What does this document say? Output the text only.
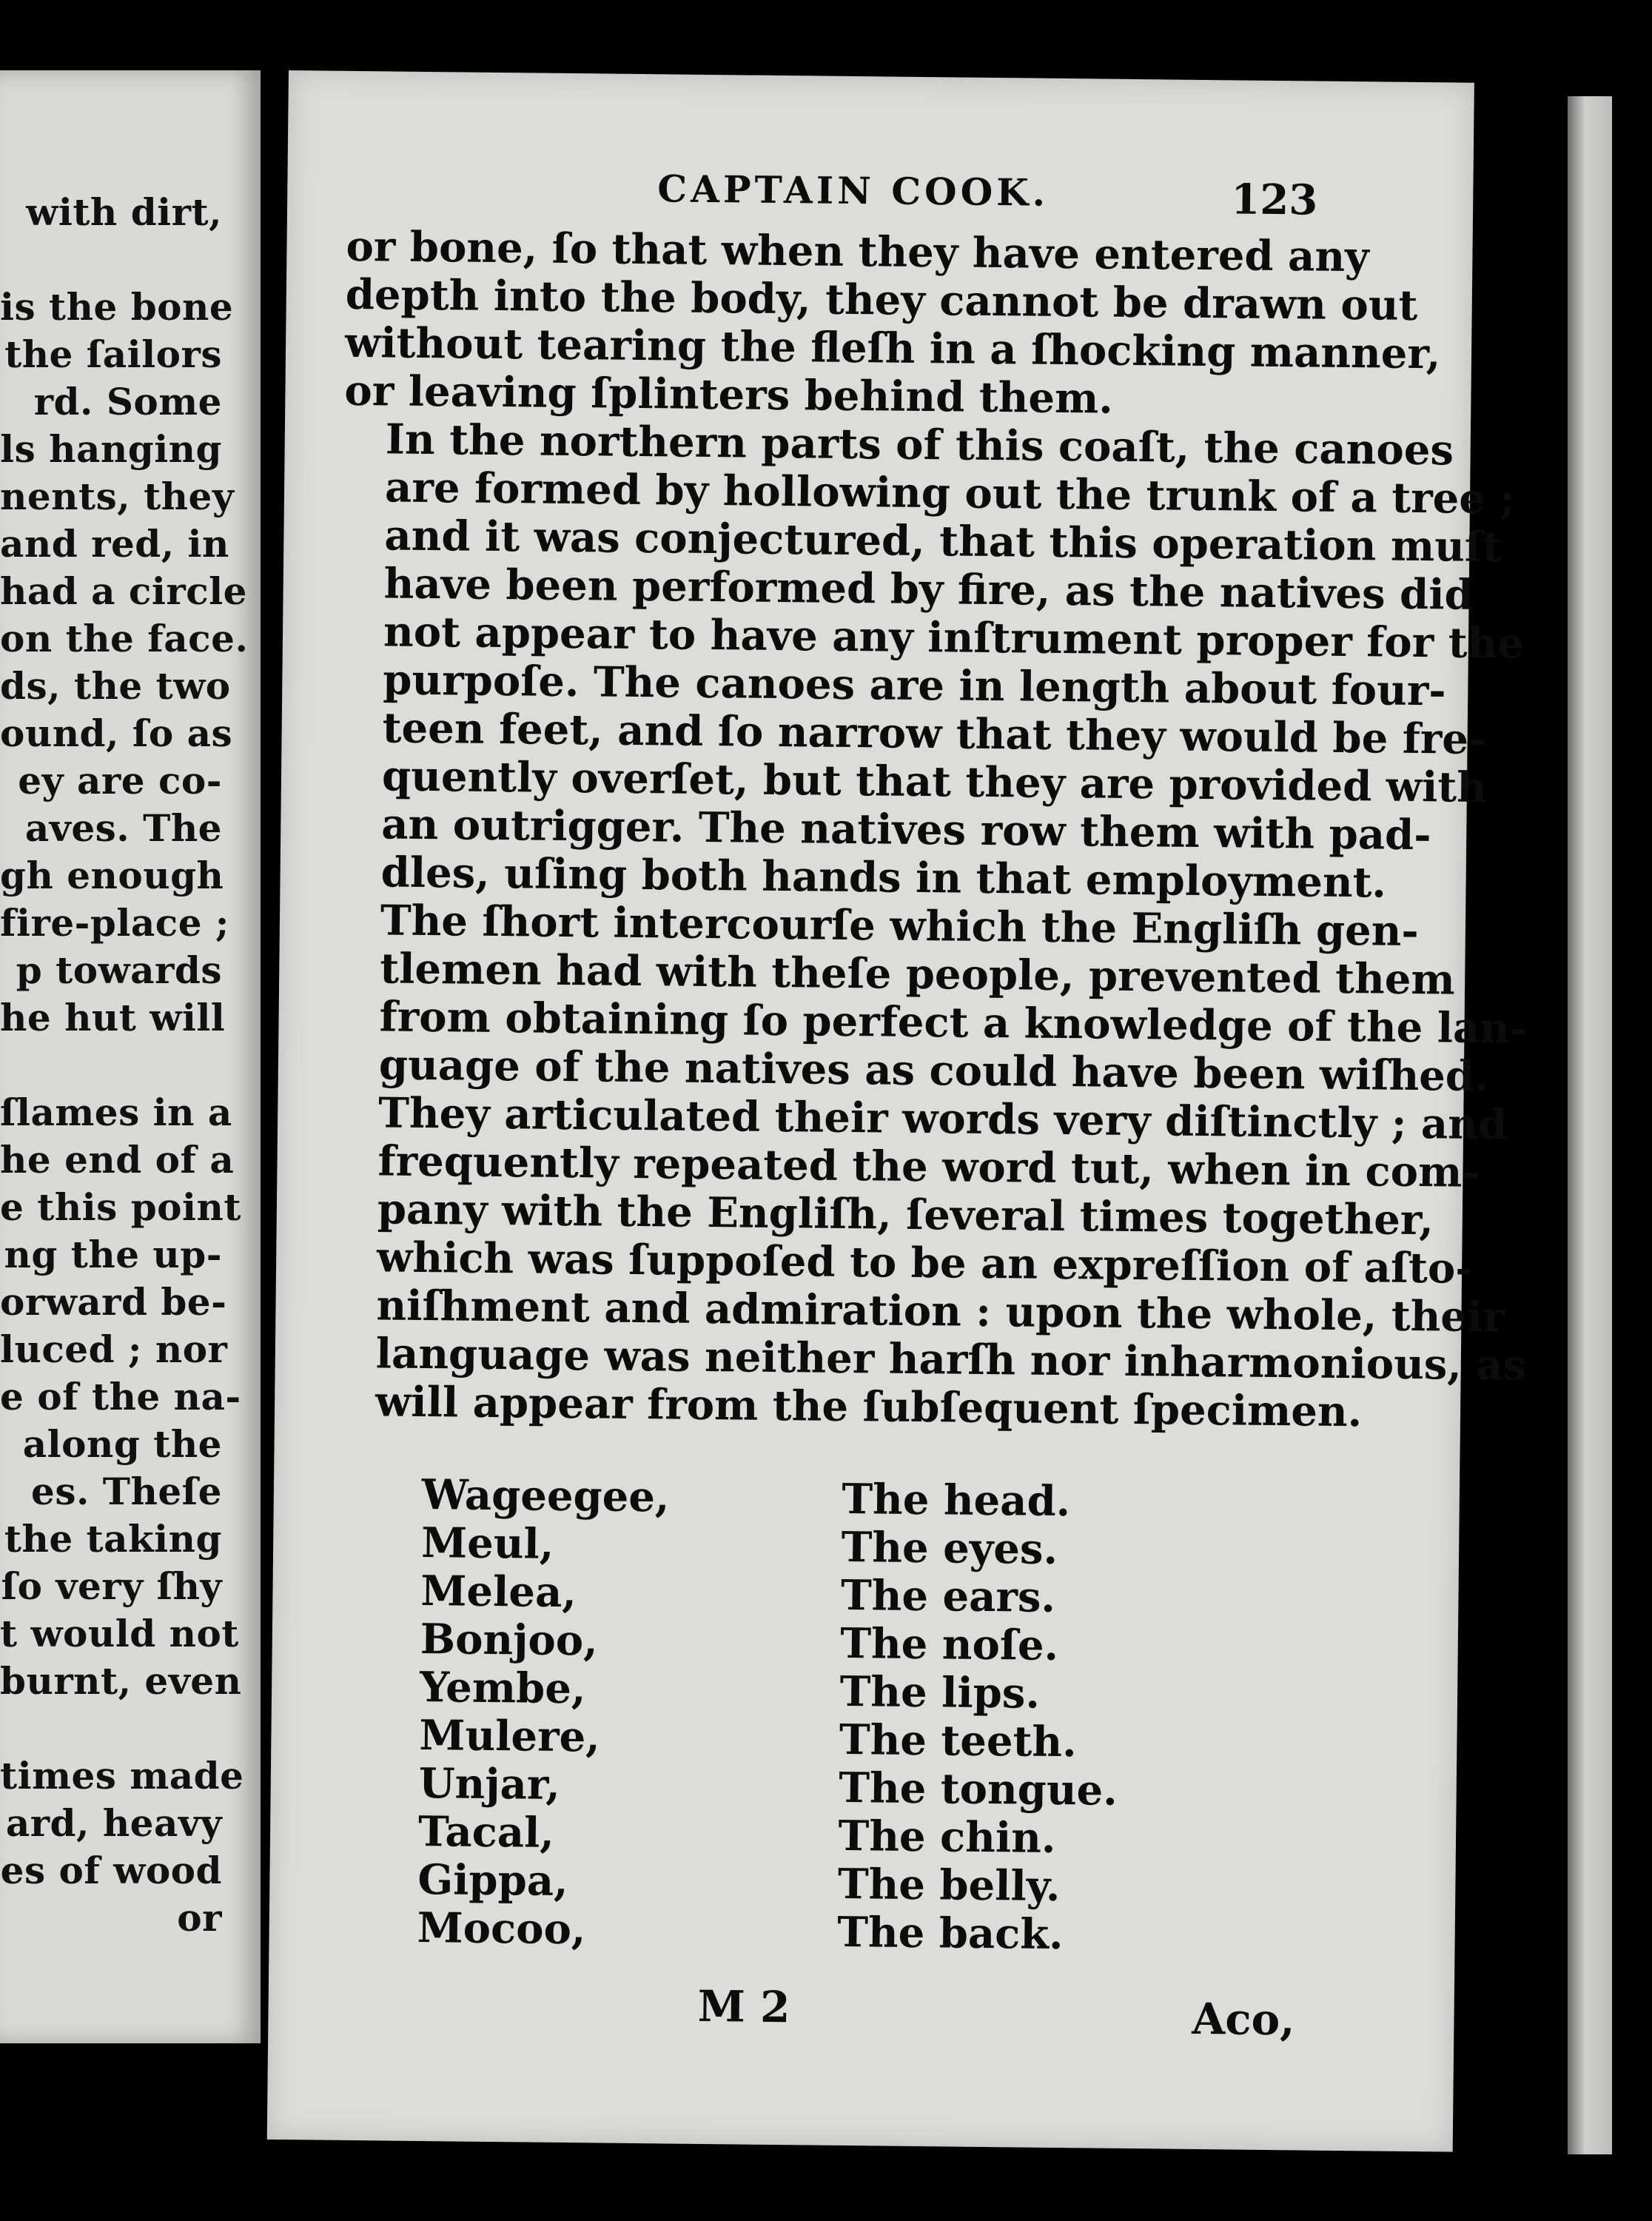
with dirt,
is the bone
the ſailors
rd. Some
ls hanging
nents, they
and red, in
had a circle
on the face.
ds, the two
ound, ſo as
ey are co-
aves. The
gh enough
fire-place ;
p towards
he hut will
ſlames in a
he end of a
e this point
ng the up-
orward be-
luced ; nor
e of the na-
along the
es. Theſe
the taking
ſo very ſhy
t would not
burnt, even
times made
ard, heavy
es of wood
or
CAPTAIN COOK.	123

or bone, ſo that when they have entered any
depth into the body, they cannot be drawn out
without tearing the fleſh in a ſhocking manner,
or leaving ſplinters behind them.

In the northern parts of this coaſt, the canoes
are formed by hollowing out the trunk of a tree ;
and it was conjectured, that this operation muſt
have been performed by fire, as the natives did
not appear to have any inſtrument proper for the
purpoſe. The canoes are in length about four-
teen feet, and ſo narrow that they would be fre-
quently overſet, but that they are provided with
an outrigger. The natives row them with pad-
dles, uſing both hands in that employment.

The ſhort intercourſe which the Engliſh gen-
tlemen had with theſe people, prevented them
from obtaining ſo perfect a knowledge of the lan-
guage of the natives as could have been wiſhed.
They articulated their words very diſtinctly ; and
frequently repeated the word tut, when in com-
pany with the Engliſh, ſeveral times together,
which was ſuppoſed to be an expreſſion of aſto-
niſhment and admiration : upon the whole, their
language was neither harſh nor inharmonious, as
will appear from the ſubſequent ſpecimen.

Wageegee,	The head.
Meul,	The eyes.
Melea,	The ears.
Bonjoo,	The noſe.
Yembe,	The lips.
Mulere,	The teeth.
Unjar,	The tongue.
Tacal,	The chin.
Gippa,	The belly.
Mocoo,	The back.
M 2	Aco,
